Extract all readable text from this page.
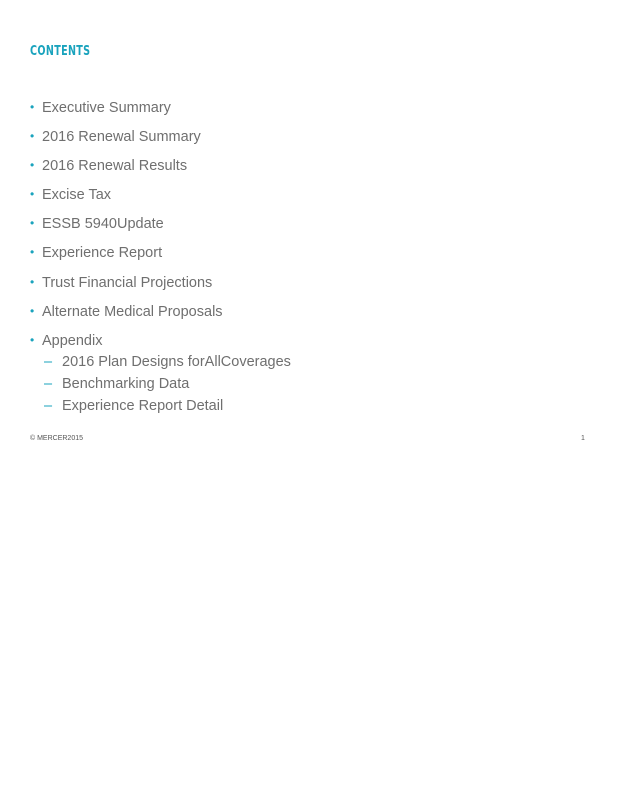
CONTENTS
• Executive Summary
• 2016 Renewal Summary
• 2016 Renewal Results
• Excise Tax
• ESSB 5940Update
• Experience Report
• Trust Financial Projections
• Alternate Medical Proposals
• Appendix
– 2016 Plan Designs forAllCoverages
– Benchmarking Data
– Experience Report Detail
© MERCER2015	1
